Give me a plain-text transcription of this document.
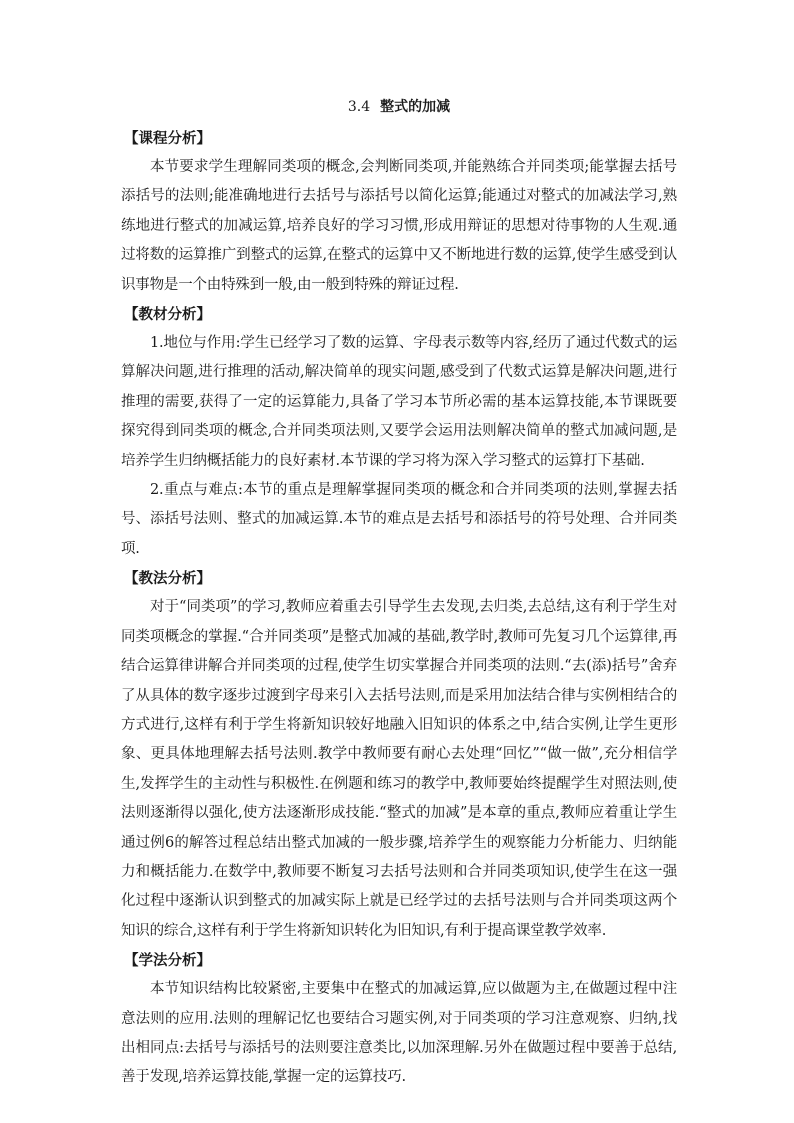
3.4 整式的加减
【课程分析】

本节要求学生理解同类项的概念,会判断同类项,并能熟练合并同类项;能掌握去括号添括号的法则;能准确地进行去括号与添括号以简化运算;能通过对整式的加减法学习,熟练地进行整式的加减运算,培养良好的学习习惯,形成用辩证的思想对待事物的人生观.通过将数的运算推广到整式的运算,在整式的运算中又不断地进行数的运算,使学生感受到认识事物是一个由特殊到一般,由一般到特殊的辩证过程.

【教材分析】

1.地位与作用:学生已经学习了数的运算、字母表示数等内容,经历了通过代数式的运算解决问题,进行推理的活动,解决简单的现实问题,感受到了代数式运算是解决问题,进行推理的需要,获得了一定的运算能力,具备了学习本节所必需的基本运算技能,本节课既要探究得到同类项的概念,合并同类项法则,又要学会运用法则解决简单的整式加减问题,是培养学生归纳概括能力的良好素材.本节课的学习将为深入学习整式的运算打下基础.

2.重点与难点:本节的重点是理解掌握同类项的概念和合并同类项的法则,掌握去括号、添括号法则、整式的加减运算.本节的难点是去括号和添括号的符号处理、合并同类项.

【教法分析】

对于“同类项”的学习,教师应着重去引导学生去发现,去归类,去总结,这有利于学生对同类项概念的掌握.“合并同类项”是整式加减的基础,教学时,教师可先复习几个运算律,再结合运算律讲解合并同类项的过程,使学生切实掌握合并同类项的法则.“去(添)括号”舍弃了从具体的数字逐步过渡到字母来引入去括号法则,而是采用加法结合律与实例相结合的方式进行,这样有利于学生将新知识较好地融入旧知识的体系之中,结合实例,让学生更形象、更具体地理解去括号法则.教学中教师要有耐心去处理“回忆”“做一做”,充分相信学生,发挥学生的主动性与积极性.在例题和练习的教学中,教师要始终提醒学生对照法则,使法则逐渐得以强化,使方法逐渐形成技能.“整式的加减”是本章的重点,教师应着重让学生通过例6的解答过程总结出整式加减的一般步骤,培养学生的观察能力分析能力、归纳能力和概括能力.在数学中,教师要不断复习去括号法则和合并同类项知识,使学生在这一强化过程中逐渐认识到整式的加减实际上就是已经学过的去括号法则与合并同类项这两个知识的综合,这样有利于学生将新知识转化为旧知识,有利于提高课堂教学效率.

【学法分析】

本节知识结构比较紧密,主要集中在整式的加减运算,应以做题为主,在做题过程中注意法则的应用.法则的理解记忆也要结合习题实例,对于同类项的学习注意观察、归纳,找出相同点:去括号与添括号的法则要注意类比,以加深理解.另外在做题过程中要善于总结,善于发现,培养运算技能,掌握一定的运算技巧.
